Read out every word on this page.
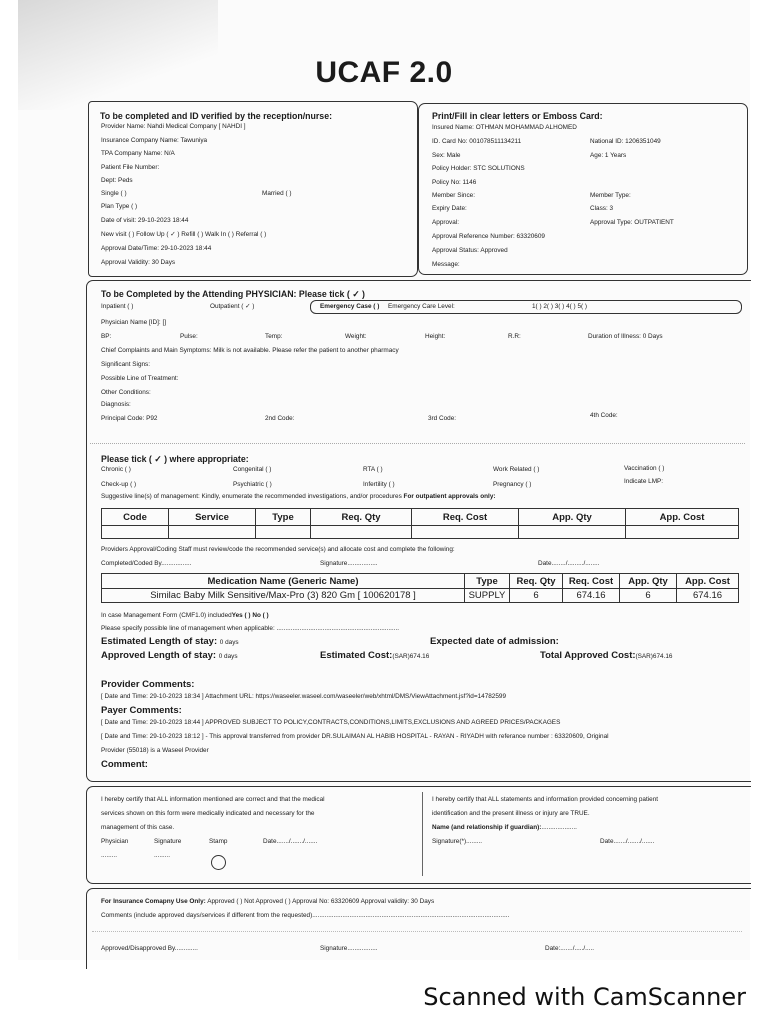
UCAF 2.0
To be completed and ID verified by the reception/nurse:
Provider Name: Nahdi Medical Company [ NAHDI ]
Insurance Company Name: Tawuniya
TPA Company Name: N/A
Patient File Number:
Dept: Peds
Single ( )	Married ( )
Plan Type ( )
Date of visit: 29-10-2023 18:44
New visit ( ) Follow Up ( ✓ ) Refill ( ) Walk In ( ) Referral ( )
Approval Date/Time: 29-10-2023 18:44
Approval Validity: 30 Days
Print/Fill in clear letters or Emboss Card:
Insured Name: OTHMAN MOHAMMAD ALHOMED
ID. Card No: 001078511134211	National ID: 1206351049
Sex: Male	Age: 1 Years
Policy Holder: STC SOLUTIONS
Policy No: 1146
Member Since:	Member Type:
Expiry Date:	Class: 3
Approval:	Approval Type: OUTPATIENT
Approval Reference Number: 63320609
Approval Status: Approved
Message:
To be Completed by the Attending PHYSICIAN: Please tick ( ✓ )
Inpatient ( )	Outpatient ( ✓ )	Emergency Case ( ) Emergency Care Level:	1( ) 2( ) 3( ) 4( ) 5( )
Physician Name [ID]: []
BP:	Pulse:	Temp:	Weight:	Height:	R.R:	Duration of Illness: 0 Days
Chief Complaints and Main Symptoms: Milk is not available. Please refer the patient to another pharmacy
Significant Signs:
Possible Line of Treatment:
Other Conditions:
Diagnosis:
Principal Code: P92	2nd Code:	3rd Code:	4th Code:
Please tick ( ✓ ) where appropriate:
Chronic ( )	Congenital ( )	RTA ( )	Work Related ( )	Vaccination ( )
Check-up ( )	Psychiatric ( )	Infertility ( )	Pregnancy ( )	Indicate LMP:
Suggestive line(s) of management: Kindly, enumerate the recommended investigations, and/or procedures For outpatient approvals only:
Code	Service	Type	Req. Qty	Req. Cost	App. Qty	App. Cost

Providers Approval/Coding Staff must review/code the recommended service(s) and allocate cost and complete the following:
Completed/Coded By.................	Signature.................	Date......../........./........
Medication Name (Generic Name)	Type	Req. Qty	Req. Cost	App. Qty	App. Cost
Similac Baby Milk Sensitive/Max-Pro (3) 820 Gm [ 100620178 ]	SUPPLY	6	674.16	6	674.16
In case Management Form (CMF1.0) includedYes ( ) No ( )
Please specify possible line of management when applicable: .....................................................................
Estimated Length of stay: 0 days	Expected date of admission:
Approved Length of stay: 0 days	Estimated Cost:(SAR)674.16	Total Approved Cost:(SAR)674.16
Provider Comments:
[ Date and Time: 29-10-2023 18:34 ] Attachment URL: https://waseeler.waseel.com/waseeler/web/xhtml/DMS/ViewAttachment.jsf?id=14782599
Payer Comments:
[ Date and Time: 29-10-2023 18:44 ] APPROVED SUBJECT TO POLICY,CONTRACTS,CONDITIONS,LIMITS,EXCLUSIONS AND AGREED PRICES/PACKAGES
[ Date and Time: 29-10-2023 18:12 ] - This approval transferred from provider DR.SULAIMAN AL HABIB HOSPITAL - RAYAN - RIYADH with referance number : 63320609, Original
Provider (55018) is a Waseel Provider
Comment:
I hereby certify that ALL information mentioned are correct and that the medical
services shown on this form were medically indicated and necessary for the
management of this case.
Physician	Signature	Stamp	Date......./......./.......
.........	.........
I hereby certify that ALL statements and information provided concerning patient
identification and the present illness or injury are TRUE.
Name (and relationship if guardian):....................
Signature(*).........	Date......./......./.......
For Insurance Comapny Use Only: Approved ( ) Not Approved ( ) Approval No: 63320609 Approval validity: 30 Days
Comments (include approved days/services if different from the requested)...............................................................................................................
Approved/Disapproved By.............	Signature.................	Date:......./...../.....
Scanned with CamScanner
